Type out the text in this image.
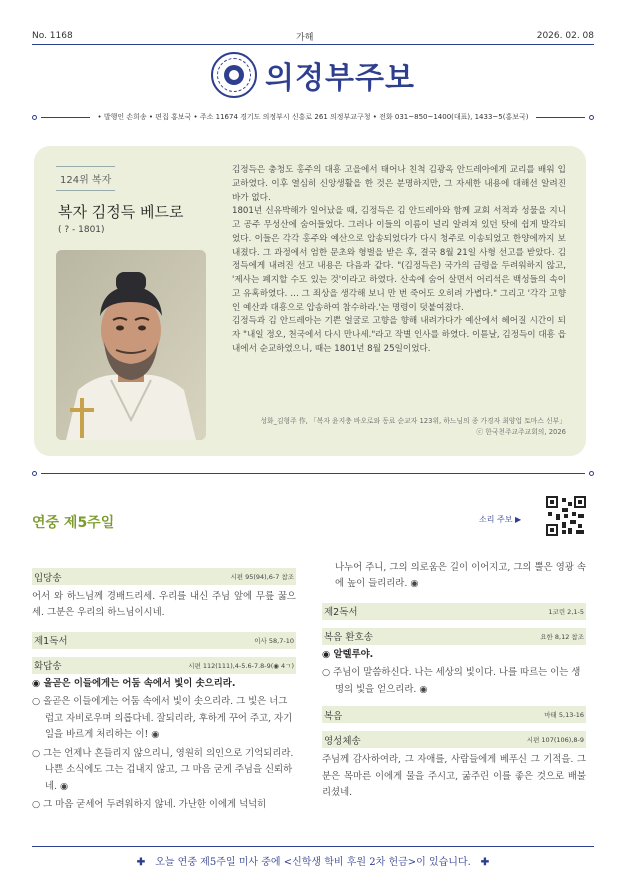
No. 1168	가해	2026. 02. 08
의정부주보
• 발행인 손희송 • 편집 홍보국 • 주소 11674 경기도 의정부시 신흥로 261 의정부교구청 • 전화 031~850~1400(대표), 1433~5(홍보국)
124위 복자
복자 김정득 베드로
( ? - 1801)

김정득은 충청도 홍주의 대흥 고을에서 태어나 친척 김광옥 안드레아에게 교리를 배워 입교하였다. 이후 열심히 신앙생활을 한 것은 분명하지만, 그 자세한 내용에 대해선 알려진 바가 없다.

1801년 신유박해가 일어났을 때, 김정득은 김 안드레아와 함께 교회 서적과 성물을 지니고 공주 무성산에 숨어들었다. 그러나 이들의 이름이 널리 알려져 있던 탓에 쉽게 발각되었다. 이들은 각각 홍주와 예산으로 압송되었다가 다시 청주로 이송되었고 한양에까지 보내졌다. 그 과정에서 엄한 문초와 형벌을 받은 후, 결국 8월 21일 사형 선고를 받았다. 김정득에게 내려진 선고 내용은 다음과 같다. "(김정득은) 국가의 금령을 두려워하지 않고, '제사는 폐지할 수도 있는 것'이라고 하였다. 산속에 숨어 살면서 어리석은 백성들의 속이고 유혹하였다. … 그 죄상을 생각해 보니 만 번 죽어도 오히려 가볍다." 그리고 '각각 고향인 예산과 대흥으로 압송하여 참수하라.'는 명령이 덧붙여졌다.

김정득과 김 안드레아는 기쁜 얼굴로 고향을 향해 내려가다가 예산에서 헤어질 시간이 되자 "내일 정오, 천국에서 다시 만나세."라고 작별 인사를 하였다. 이튿날, 김정득이 대흥 읍내에서 순교하였으니, 때는 1801년 8월 25일이었다.

성화_김형주 作, 「복자 윤지충 바오로와 동료 순교자 123위, 하느님의 종 가경자 최양업 토마스 신부」
ⓒ 한국천주교주교회의, 2026
연중 제5주일	소리 주보 ▶
입당송	시편 95(94),6-7 참조
어서 와 하느님께 경배드리세. 우리를 내신 주님 앞에 무릎 꿇으세. 그분은 우리의 하느님이시네.
제1독서	이사 58,7-10
화답송	시편 112(111),4-5.6-7.8-9(◉ 4ㄱ)
◉ 올곧은 이들에게는 어둠 속에서 빛이 솟으리라.
○ 올곧은 이들에게는 어둠 속에서 빛이 솟으리라. 그 빛은 너그럽고 자비로우며 의롭다네. 잘되리라, 후하게 꾸어 주고, 자기 일을 바르게 처리하는 이! ◉
○ 그는 언제나 흔들리지 않으리니, 영원히 의인으로 기억되리라. 나쁜 소식에도 그는 겁내지 않고, 그 마음 굳게 주님을 신뢰하네. ◉
○ 그 마음 굳세어 두려워하지 않네. 가난한 이에게 넉넉히
나누어 주니, 그의 의로움은 길이 이어지고, 그의 뿔은 영광 속에 높이 들리리라. ◉
제2독서	1코린 2,1-5
복음 환호송	요한 8,12 참조
◉ 알렐루야.
○ 주님이 말씀하신다. 나는 세상의 빛이다. 나를 따르는 이는 생명의 빛을 얻으리라. ◉
복음	마태 5,13-16
영성체송	시편 107(106),8-9
주님께 감사하여라, 그 자애를, 사람들에게 베푸신 그 기적을. 그분은 목마른 이에게 물을 주시고, 굶주린 이를 좋은 것으로 배불리셨네.
✚ 오늘 연중 제5주일 미사 중에 <신학생 학비 후원 2차 헌금>이 있습니다. ✚
